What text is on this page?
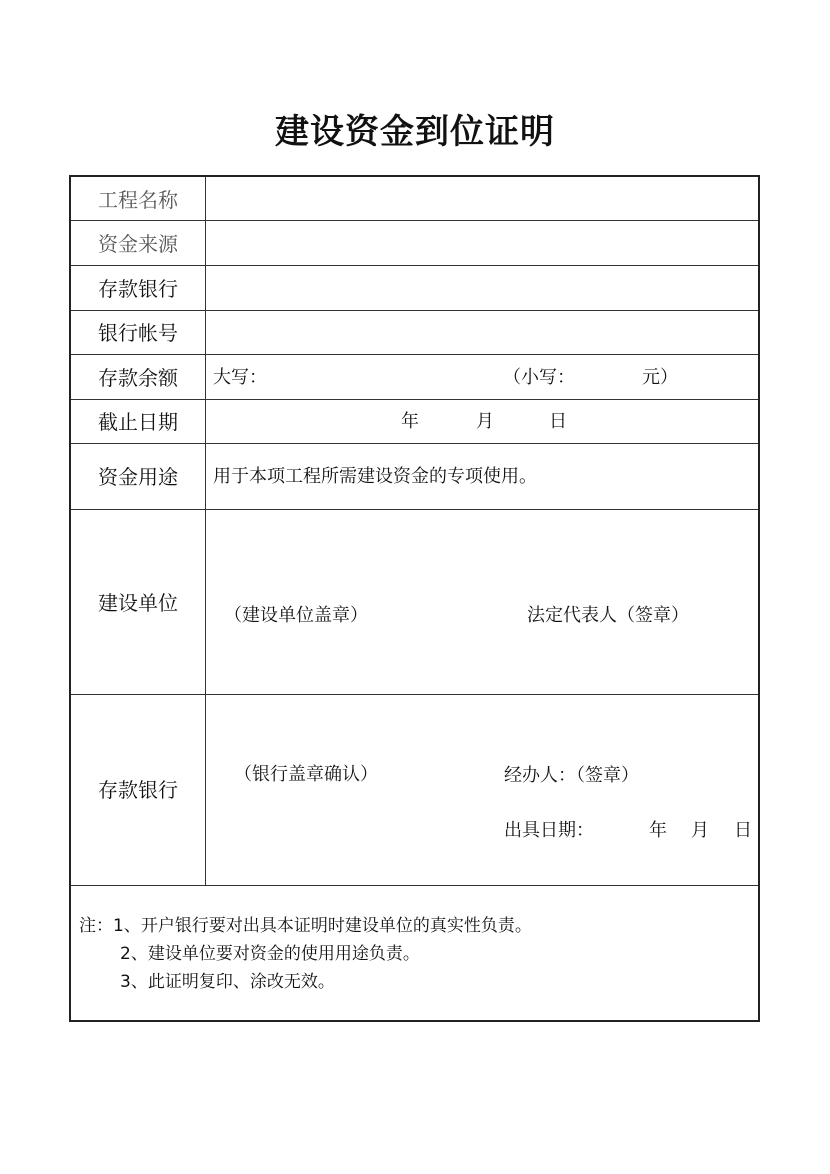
建设资金到位证明
工程名称
资金来源
存款银行
银行帐号
存款余额	大写：	（小写：	元）
截止日期	年	月	日
资金用途	用于本项工程所需建设资金的专项使用。
建设单位
（建设单位盖章）	法定代表人（签章）
存款银行
（银行盖章确认）	经办人：（签章）
出具日期：	年 月 日
注：1、开户银行要对出具本证明时建设单位的真实性负责。
2、建设单位要对资金的使用用途负责。
3、此证明复印、涂改无效。
